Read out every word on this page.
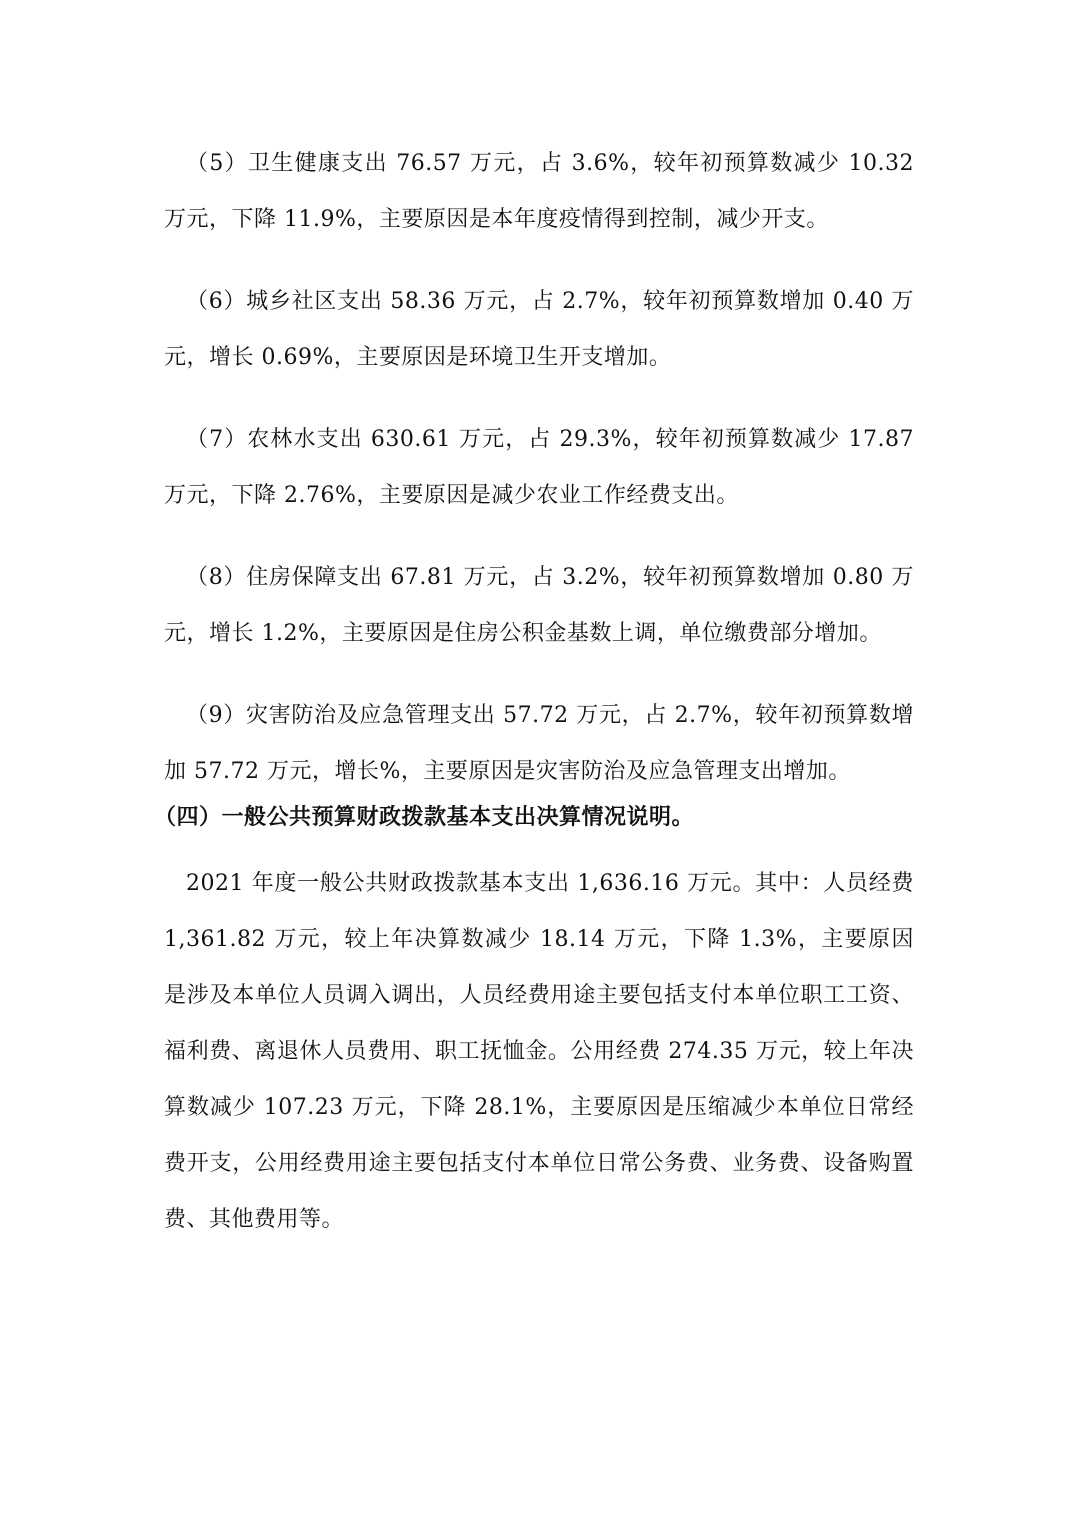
（5）卫生健康支出 76.57 万元，占 3.6%，较年初预算数减少 10.32 万元，下降 11.9%，主要原因是本年度疫情得到控制，减少开支。

（6）城乡社区支出 58.36 万元，占 2.7%，较年初预算数增加 0.40 万元，增长 0.69%，主要原因是环境卫生开支增加。

（7）农林水支出 630.61 万元，占 29.3%，较年初预算数减少 17.87 万元，下降 2.76%，主要原因是减少农业工作经费支出。

（8）住房保障支出 67.81 万元，占 3.2%，较年初预算数增加 0.80 万元，增长 1.2%，主要原因是住房公积金基数上调，单位缴费部分增加。

（9）灾害防治及应急管理支出 57.72 万元，占 2.7%，较年初预算数增加 57.72 万元，增长%，主要原因是灾害防治及应急管理支出增加。

（四）一般公共预算财政拨款基本支出决算情况说明。

2021 年度一般公共财政拨款基本支出 1,636.16 万元。其中：人员经费 1,361.82 万元，较上年决算数减少 18.14 万元，下降 1.3%，主要原因是涉及本单位人员调入调出，人员经费用途主要包括支付本单位职工工资、福利费、离退休人员费用、职工抚恤金。公用经费 274.35 万元，较上年决算数减少 107.23 万元，下降 28.1%，主要原因是压缩减少本单位日常经费开支，公用经费用途主要包括支付本单位日常公务费、业务费、设备购置费、其他费用等。
